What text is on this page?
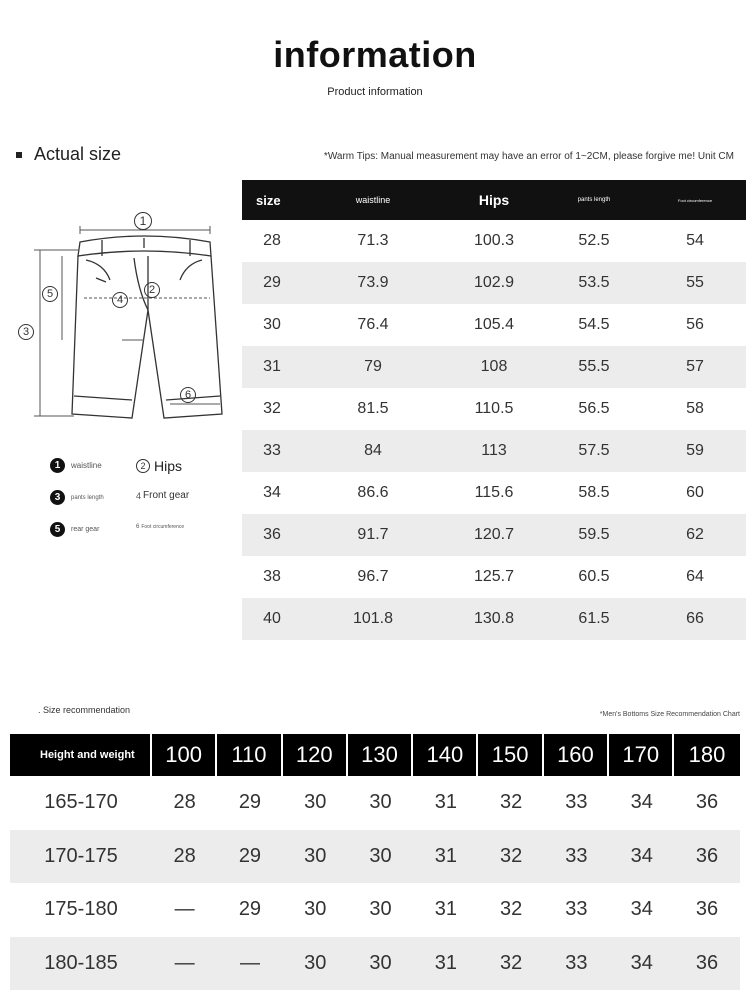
information
Product information
Actual size	*Warm Tips: Manual measurement may have an error of 1~2CM, please forgive me! Unit CM
1
2
3
4
5
6
1	waistline	2 Hips
3	pants length	4 Front gear
5	rear gear	6 Foot circumference
size	waistline	Hips	pants length	Foot circumference
28	71.3	100.3	52.5	54
29	73.9	102.9	53.5	55
30	76.4	105.4	54.5	56
31	79	108	55.5	57
32	81.5	110.5	56.5	58
33	84	113	57.5	59
34	86.6	115.6	58.5	60
36	91.7	120.7	59.5	62
38	96.7	125.7	60.5	64
40	101.8	130.8	61.5	66
. Size recommendation	*Men's Bottoms Size Recommendation Chart
Height and weight	100	110	120	130	140	150	160	170	180
165-170	28	29	30	30	31	32	33	34	36
170-175	28	29	30	30	31	32	33	34	36
175-180	—	29	30	30	31	32	33	34	36
180-185	—	—	30	30	31	32	33	34	36
